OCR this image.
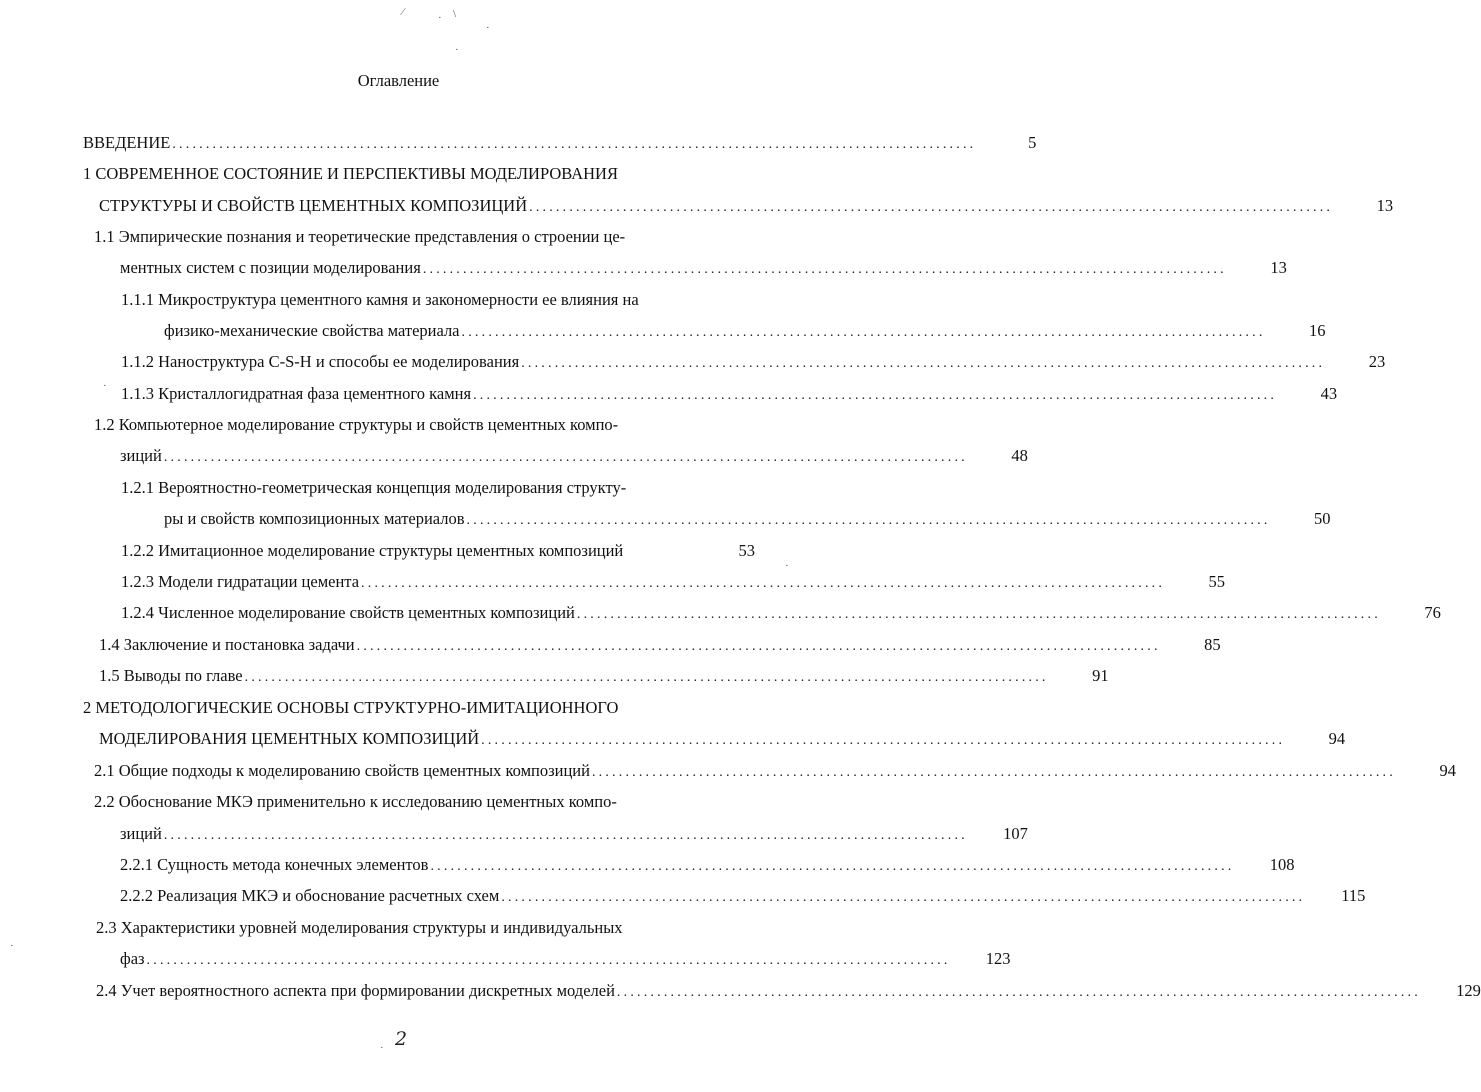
Оглавление
ВВЕДЕНИЕ ........................................................................................................................	5
1 СОВРЕМЕННОЕ СОСТОЯНИЕ И ПЕРСПЕКТИВЫ МОДЕЛИРОВАНИЯ
СТРУКТУРЫ И СВОЙСТВ ЦЕМЕНТНЫХ КОМПОЗИЦИЙ ........................................................................................................................	13
1.1 Эмпирические познания и теоретические представления о строении це-
ментных систем с позиции моделирования ........................................................................................................................	13
1.1.1 Микроструктура цементного камня и закономерности ее влияния на
физико-механические свойства материала ........................................................................................................................	16
1.1.2 Наноструктура C-S-H и способы ее моделирования ........................................................................................................................	23
1.1.3 Кристаллогидратная фаза цементного камня ........................................................................................................................	43
1.2 Компьютерное моделирование структуры и свойств цементных компо-
зиций ........................................................................................................................	48
1.2.1 Вероятностно-геометрическая концепция моделирования структу-
ры и свойств композиционных материалов ........................................................................................................................	50
1.2.2 Имитационное моделирование структуры цементных композиций	53
1.2.3 Модели гидратации цемента ........................................................................................................................	55
1.2.4 Численное моделирование свойств цементных композиций ........................................................................................................................	76
1.4 Заключение и постановка задачи ........................................................................................................................	85
1.5 Выводы по главе ........................................................................................................................	91
2 МЕТОДОЛОГИЧЕСКИЕ ОСНОВЫ СТРУКТУРНО-ИМИТАЦИОННОГО
МОДЕЛИРОВАНИЯ ЦЕМЕНТНЫХ КОМПОЗИЦИЙ ........................................................................................................................	94
2.1 Общие подходы к моделированию свойств цементных композиций ........................................................................................................................	94
2.2 Обоснование МКЭ применительно к исследованию цементных компо-
зиций ........................................................................................................................	107
2.2.1 Сущность метода конечных элементов ........................................................................................................................	108
2.2.2 Реализация МКЭ и обоснование расчетных схем ........................................................................................................................	115
2.3 Характеристики уровней моделирования структуры и индивидуальных
фаз ........................................................................................................................	123
2.4 Учет вероятностного аспекта при формировании дискретных моделей ........................................................................................................................	129
⁄	· \
·
·
·
·
·
· 2
